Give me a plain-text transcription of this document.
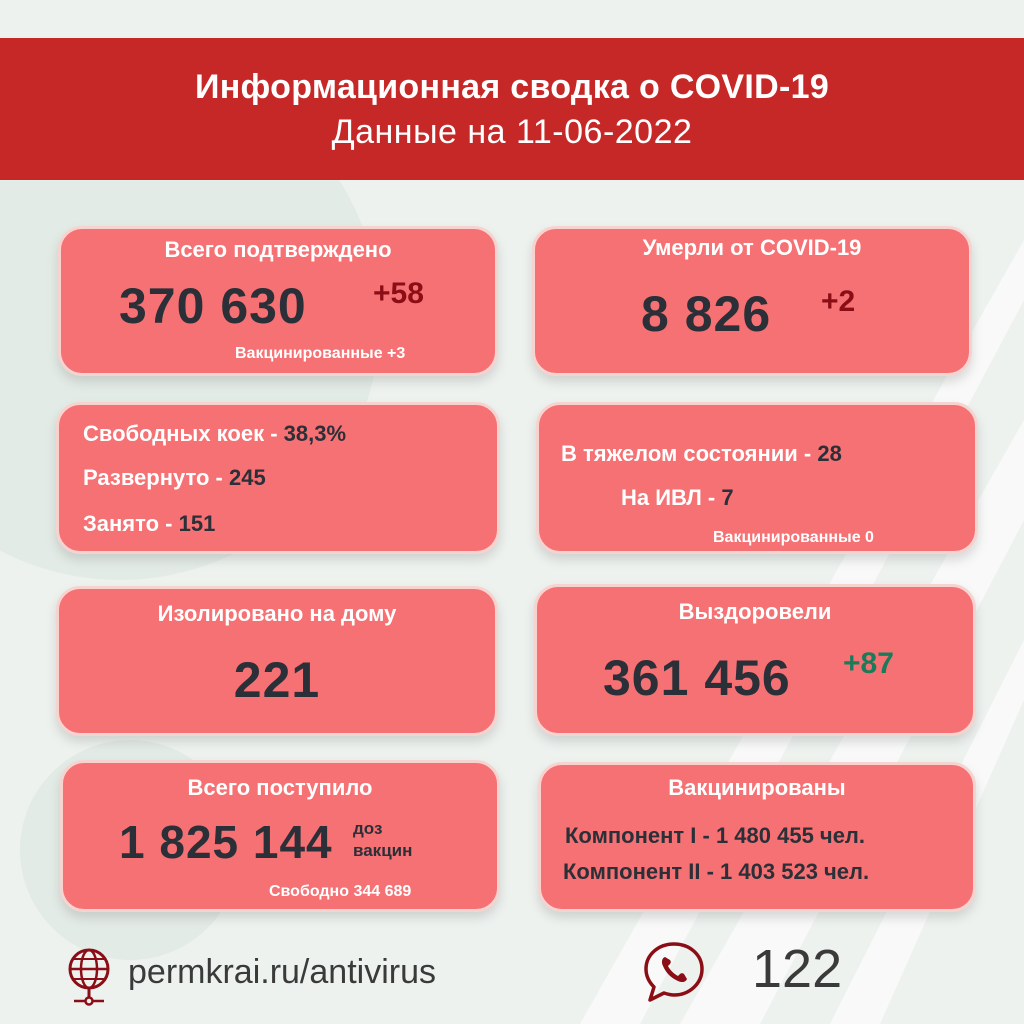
Информационная сводка о COVID-19
Данные на 11-06-2022
Всего подтверждено
370 630 +58
Вакцинированные +3
Умерли от COVID-19
8 826 +2
Свободных коек - 38,3%
Развернуто - 245
Занято - 151
В тяжелом состоянии - 28
На ИВЛ - 7
Вакцинированные 0
Изолировано на дому
221
Выздоровели
361 456 +87
Всего поступило
1 825 144 доз
вакцин
Свободно 344 689
Вакцинированы
Компонент I - 1 480 455 чел.
Компонент II - 1 403 523 чел.
permkrai.ru/antivirus	122
